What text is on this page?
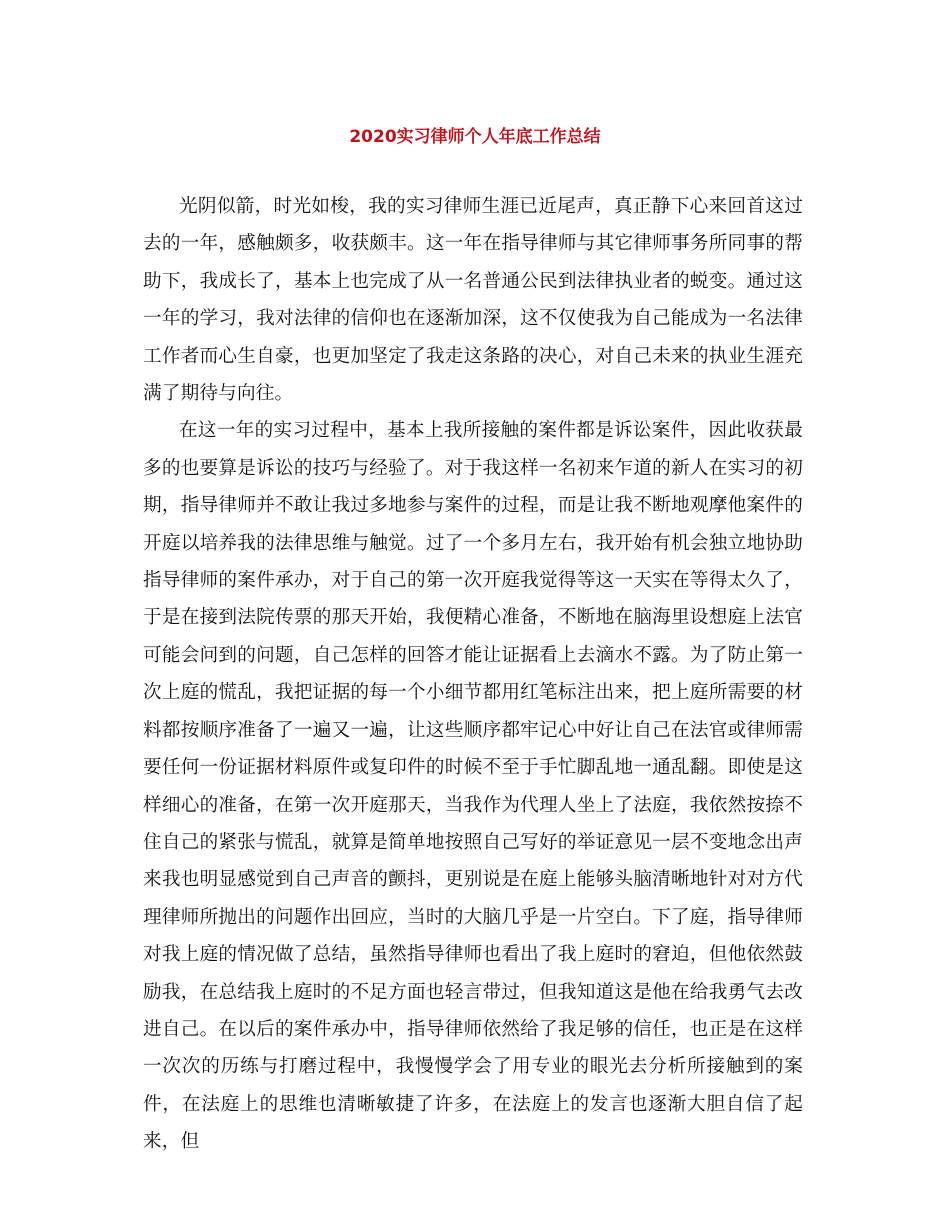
2020实习律师个人年底工作总结

光阴似箭，时光如梭，我的实习律师生涯已近尾声，真正静下心来回首这过去的一年，感触颇多，收获颇丰。这一年在指导律师与其它律师事务所同事的帮助下，我成长了，基本上也完成了从一名普通公民到法律执业者的蜕变。通过这一年的学习，我对法律的信仰也在逐渐加深，这不仅使我为自己能成为一名法律工作者而心生自豪，也更加坚定了我走这条路的决心，对自己未来的执业生涯充满了期待与向往。

在这一年的实习过程中，基本上我所接触的案件都是诉讼案件，因此收获最多的也要算是诉讼的技巧与经验了。对于我这样一名初来乍道的新人在实习的初期，指导律师并不敢让我过多地参与案件的过程，而是让我不断地观摩他案件的开庭以培养我的法律思维与触觉。过了一个多月左右，我开始有机会独立地协助指导律师的案件承办，对于自己的第一次开庭我觉得等这一天实在等得太久了，于是在接到法院传票的那天开始，我便精心准备，不断地在脑海里设想庭上法官可能会问到的问题，自己怎样的回答才能让证据看上去滴水不露。为了防止第一次上庭的慌乱，我把证据的每一个小细节都用红笔标注出来，把上庭所需要的材料都按顺序准备了一遍又一遍，让这些顺序都牢记心中好让自己在法官或律师需要任何一份证据材料原件或复印件的时候不至于手忙脚乱地一通乱翻。即使是这样细心的准备，在第一次开庭那天，当我作为代理人坐上了法庭，我依然按捺不住自己的紧张与慌乱，就算是简单地按照自己写好的举证意见一层不变地念出声来我也明显感觉到自己声音的颤抖，更别说是在庭上能够头脑清晰地针对对方代理律师所抛出的问题作出回应，当时的大脑几乎是一片空白。下了庭，指导律师对我上庭的情况做了总结，虽然指导律师也看出了我上庭时的窘迫，但他依然鼓励我，在总结我上庭时的不足方面也轻言带过，但我知道这是他在给我勇气去改进自己。在以后的案件承办中，指导律师依然给了我足够的信任，也正是在这样一次次的历练与打磨过程中，我慢慢学会了用专业的眼光去分析所接触到的案件，在法庭上的思维也清晰敏捷了许多，在法庭上的发言也逐渐大胆自信了起来，但
